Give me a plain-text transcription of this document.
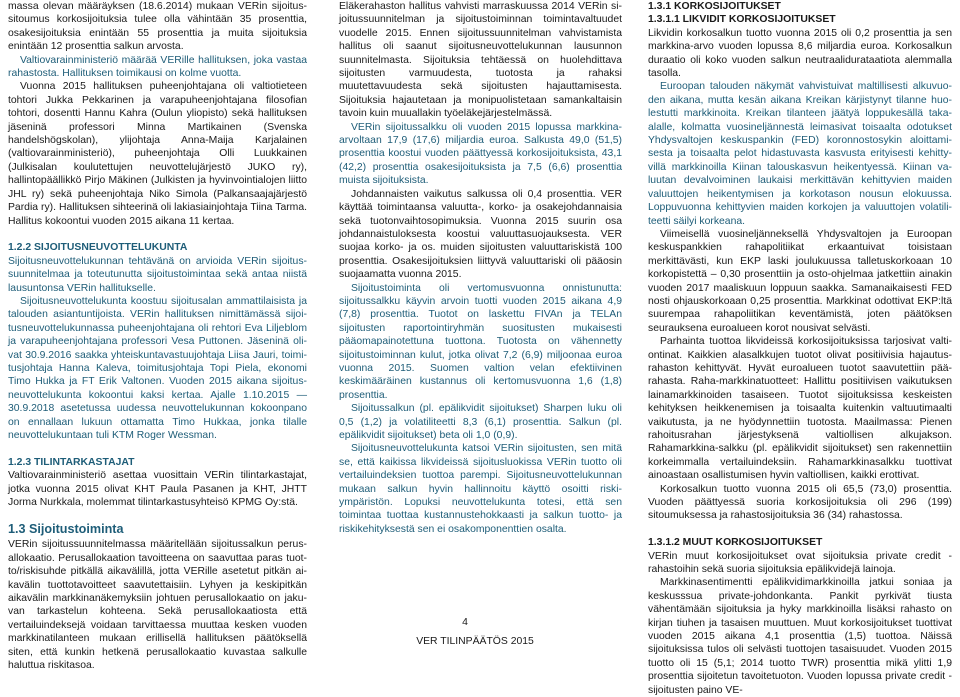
massa olevan määräyksen (18.6.2014) mukaan VERin sijoitussitoumus korkosijoituksia tulee olla vähintään 35 prosenttia, osakesijoituksia enintään 55 prosenttia ja muita sijoituksia enintään 12 prosenttia salkun arvosta.

Valtiovarainministeriö määrää VERille hallituksen, joka vastaa rahastosta. Hallituksen toimikausi on kolme vuotta.

Vuonna 2015 hallituksen puheenjohtajana oli valtiotieteen tohtori Jukka Pekkarinen ja varapuheenjohtajana filosofian tohtori, dosentti Hannu Kahra (Oulun yliopisto) sekä hallituksen jäseninä professori Minna Martikainen (Svenska handelshögskolan), ylijohtaja Anna-Maija Karjalainen (valtiovarainministeriö), puheenjohtaja Olli Luukkainen (Julkisalan koulutettujen neuvottelujärjestö JUKO ry), hallintopäällikkö Pirjo Mäkinen (Julkisten ja hyvinvointialojen liitto JHL ry) sekä puheenjohtaja Niko Simola (Palkansaajajärjestö Pardia ry). Hallituksen sihteerinä oli lakiasiainjohtaja Tiina Tarma. Hallitus kokoontui vuoden 2015 aikana 11 kertaa.

1.2.2 SIJOITUSNEUVOTTELUKUNTA

Sijoitusneuvottelukunnan tehtävänä on arvioida VERin sijoitussuunnitelmaa ja toteutunutta sijoitustoimintaa sekä antaa niistä lausuntonsa VERin hallitukselle.

Sijoitusneuvottelukunta koostuu sijoitusalan ammattilaisista ja talouden asiantuntijoista. VERin hallituksen nimittämässä sijoitusneuvottelukunnassa puheenjohtajana oli rehtori Eva Liljeblom ja varapuheenjohtajana professori Vesa Puttonen. Jäseninä olivat 30.9.2016 saakka yhteiskuntavastuujohtaja Liisa Jauri, toimitusjohtaja Hanna Kaleva, toimitusjohtaja Topi Piela, ekonomi Timo Hukka ja FT Erik Valtonen. Vuoden 2015 aikana sijoitusneuvottelukunta kokoontui kaksi kertaa. Ajalle 1.10.2015 — 30.9.2018 asetetussa uudessa neuvottelukunnan kokoonpano on ennallaan lukuun ottamatta Timo Hukkaa, jonka tilalle neuvottelukuntaan tuli KTM Roger Wessman.

1.2.3 TILINTARKASTAJAT

Valtiovarainministeriö asettaa vuosittain VERin tilintarkastajat, jotka vuonna 2015 olivat KHT Paula Pasanen ja KHT, JHTT Jorma Nurkkala, molemmat tilintarkastusyhteisö KPMG Oy:stä.

1.3 Sijoitustoiminta

VERin sijoitussuunnitelmassa määritellään sijoitussalkun perusallokaatio. Perusallokaation tavoitteena on saavuttaa paras tuotto/riskisuhde pitkällä aikavälillä, jotta VERille asetetut pitkän aikavälin tuottotavoitteet saavutettaisiin. Lyhyen ja keskipitkän aikavälin markkinanäkemyksiin johtuen perusallokaatio on jakuvan tarkastelun kohteena. Sekä perusallokaatiosta että vertailuindeksejä voidaan tarvittaessa muuttaa kesken vuoden markkinatilanteen mukaan erillisellä hallituksen päätöksellä siten, että kunkin hetkenä perusallokaatio kuvastaa salkulle haluttua riskitasoa.

Eläkerahaston hallitus vahvisti marraskuussa 2014 VERin sijoitussuunnitelman ja sijoitustoiminnan toimintavaltuudet vuodelle 2015. Ennen sijoitussuunnitelman vahvistamista hallitus oli saanut sijoitusneuvottelukunnan lausunnon suunnitelmasta. Sijoituksia tehtäessä on huolehdittava sijoitusten varmuudesta, tuotosta ja rahaksi muutettavuudesta sekä sijoitusten hajauttamisesta. Sijoituksia hajautetaan ja monipuolistetaan samankaltaisin tavoin kuin muuallakin työeläkejärjestelmässä.

VERin sijoitussalkku oli vuoden 2015 lopussa markkinaarvoltaan 17,9 (17,6) miljardia euroa. Salkusta 49,0 (51,5) prosenttia koostui vuoden päättyessä korkosijoituksista, 43,1 (42,2) prosenttia osakesijoituksista ja 7,5 (6,6) prosenttia muista sijoituksista.

Johdannaisten vaikutus salkussa oli 0,4 prosenttia. VER käyttää toimintaansa valuutta-, korko- ja osakejohdannaisia sekä tuotonvaihtosopimuksia. Vuonna 2015 suurin osa johdannaistuloksesta koostui valuuttasuojauksesta. VER suojaa korko- ja os. muiden sijoitusten valuuttariskistä 100 prosenttia. Osakesijoituksien liittyvä valuuttariski oli pääosin suojaamatta vuonna 2015.

Sijoitustoiminta oli vertomusvuonna onnistunutta: sijoitussalkku käyvin arvoin tuotti vuoden 2015 aikana 4,9 (7,8) prosenttia. Tuotot on laskettu FIVAn ja TELAn sijoitusten raportointiryhmän suositusten mukaisesti pääomapainotettuna tuottona. Tuotosta on vähennetty sijoitustoiminnan kulut, jotka olivat 7,2 (6,9) miljoonaa euroa vuonna 2015. Suomen valtion velan efektiivinen keskimääräinen kustannus oli kertomusvuonna 1,6 (1,8) prosenttia.

Sijoitussalkun (pl. epälikvidit sijoitukset) Sharpen luku oli 0,5 (1,2) ja volatiliteetti 8,3 (6,1) prosenttia. Salkun (pl. epälikvidit sijoitukset) beta oli 1,0 (0,9).

Sijoitusneuvottelukunta katsoi VERin sijoitusten, sen mitä se, että kaikissa likvideissä sijoitusluokissa VERin tuotto oli vertailuindeksien tuottoa parempi. Sijoitusneuvottelukunnan mukaan salkun hyvin hallinnoitu käyttö osoitti riski-ympäristön. Lopuksi neuvottelukunta totesi, että sen toimintaa tuottaa kustannustehokkaasti ja salkun tuotto- ja riskikehityksestä sen ei osakomponenttien osalta.

1.3.1 KORKOSIJOITUKSET
1.3.1.1 LIKVIDIT KORKOSIJOITUKSET

Likvidin korkosalkun tuotto vuonna 2015 oli 0,2 prosenttia ja sen markkina-arvo vuoden lopussa 8,6 miljardia euroa. Korkosalkun duraatio oli koko vuoden salkun neutraalidurataatiota alemmalla tasolla.

Euroopan talouden näkymät vahvistuivat maltillisesti alkuvuoden aikana, mutta kesän aikana Kreikan kärjistynyt tilanne huolestutti markkinoita. Kreikan tilanteen jäätyä loppukesällä takaalalle, kolmatta vuosineljännestä leimasivat toisaalta odotukset Yhdysvaltojen keskuspankin (FED) koronnostosykin aloittamisesta ja toisaalta pelot hidastuvasta kasvusta erityisesti kehittyvillä markkinoilla Kiinan talouskasvun heikentyessä. Kiinan valuutan devalvoiminen laukaisi merkittävän kehittyvien maiden valuuttojen heikentymisen ja korkotason nousun elokuussa. Loppuvuonna kehittyvien maiden korkojen ja valuuttojen volatiliteetti säilyi korkeana.

Viimeisellä vuosineljänneksellä Yhdysvaltojen ja Euroopan keskuspankkien rahapolitiikat erkaantuivat toisistaan merkittävästi, kun EKP laski joulukuussa talletuskorkoaan 10 korkopistettä – 0,30 prosenttiin ja osto-ohjelmaa jatkettiin ainakin vuoden 2017 maaliskuun loppuun saakka. Samanaikaisesti FED nosti ohjauskorkoaan 0,25 prosenttia. Markkinat odottivat EKP:ltä suurempaa rahapoliitikan keventämistä, joten päätöksen seurauksena euroalueen korot nousivat selvästi.

Parhainta tuottoa likvideissä korkosijoituksissa tarjosivat valtiontinat. Kaikkien alasalkkujen tuotot olivat positiivisia hajautusrahaston kehittyvät. Hyvät euroalueen tuotot saavutettiin päärahasta. Raha-markkinatuotteet: Hallittu positiivisen vaikutuksen lainamarkkinoiden tasaiseen. Tuotot sijoituksissa keskeisten kehityksen heikkenemisen ja toisaalta kuitenkin valtuutimaalti vaikutusta, ja ne hyödynnettiin tuotosta. Maailmassa: Pienen rahoitusrahan järjestyksenä valtiollisen alkujakson. Rahamarkkina-salkku (pl. epälikvidit sijoitukset) sen rakennettiin korkeimmalla vertailuindeksiin. Rahamarkkinasalkku tuottivat ainoastaan osallistumisen hyvin valtiollisen, kaikki erottivat.

Korkosalkun tuotto vuonna 2015 oli 65,5 (73,0) prosenttia. Vuoden päättyessä suoria korkosijoituksia oli 296 (199) sitoumuksessa ja rahastosijoituksia 36 (34) rahastossa.

1.3.1.2 MUUT KORKOSIJOITUKSET

VERin muut korkosijoitukset ovat sijoituksia private credit -rahastoihin sekä suoria sijoituksia epälikvidejä lainoja.

Markkinasentimentti epälikvidimarkkinoilla jatkui soniaa ja keskusssua private-johdonkanta. Pankit pyrkivät tiusta vähentämään sijoituksia ja hyky markkinoilla lisäksi rahasto on kirjan tiuhen ja tasaisen muuttuen. Muut korkosijoitukset tuottivat vuoden 2015 aikana 4,1 prosenttia (1,5) tuottoa. Näissä sijoituksissa tulos oli selvästi tuottojen tasaisuudet. Vuoden 2015 tuotto oli 15 (5,1; 2014 tuotto TWR) prosenttia mikä ylitti 1,9 prosenttia sijoitetun tavoitetuoton. Vuoden lopussa private credit -sijoitusten paino VE-

4
VER TILINPÄÄTÖS 2015
